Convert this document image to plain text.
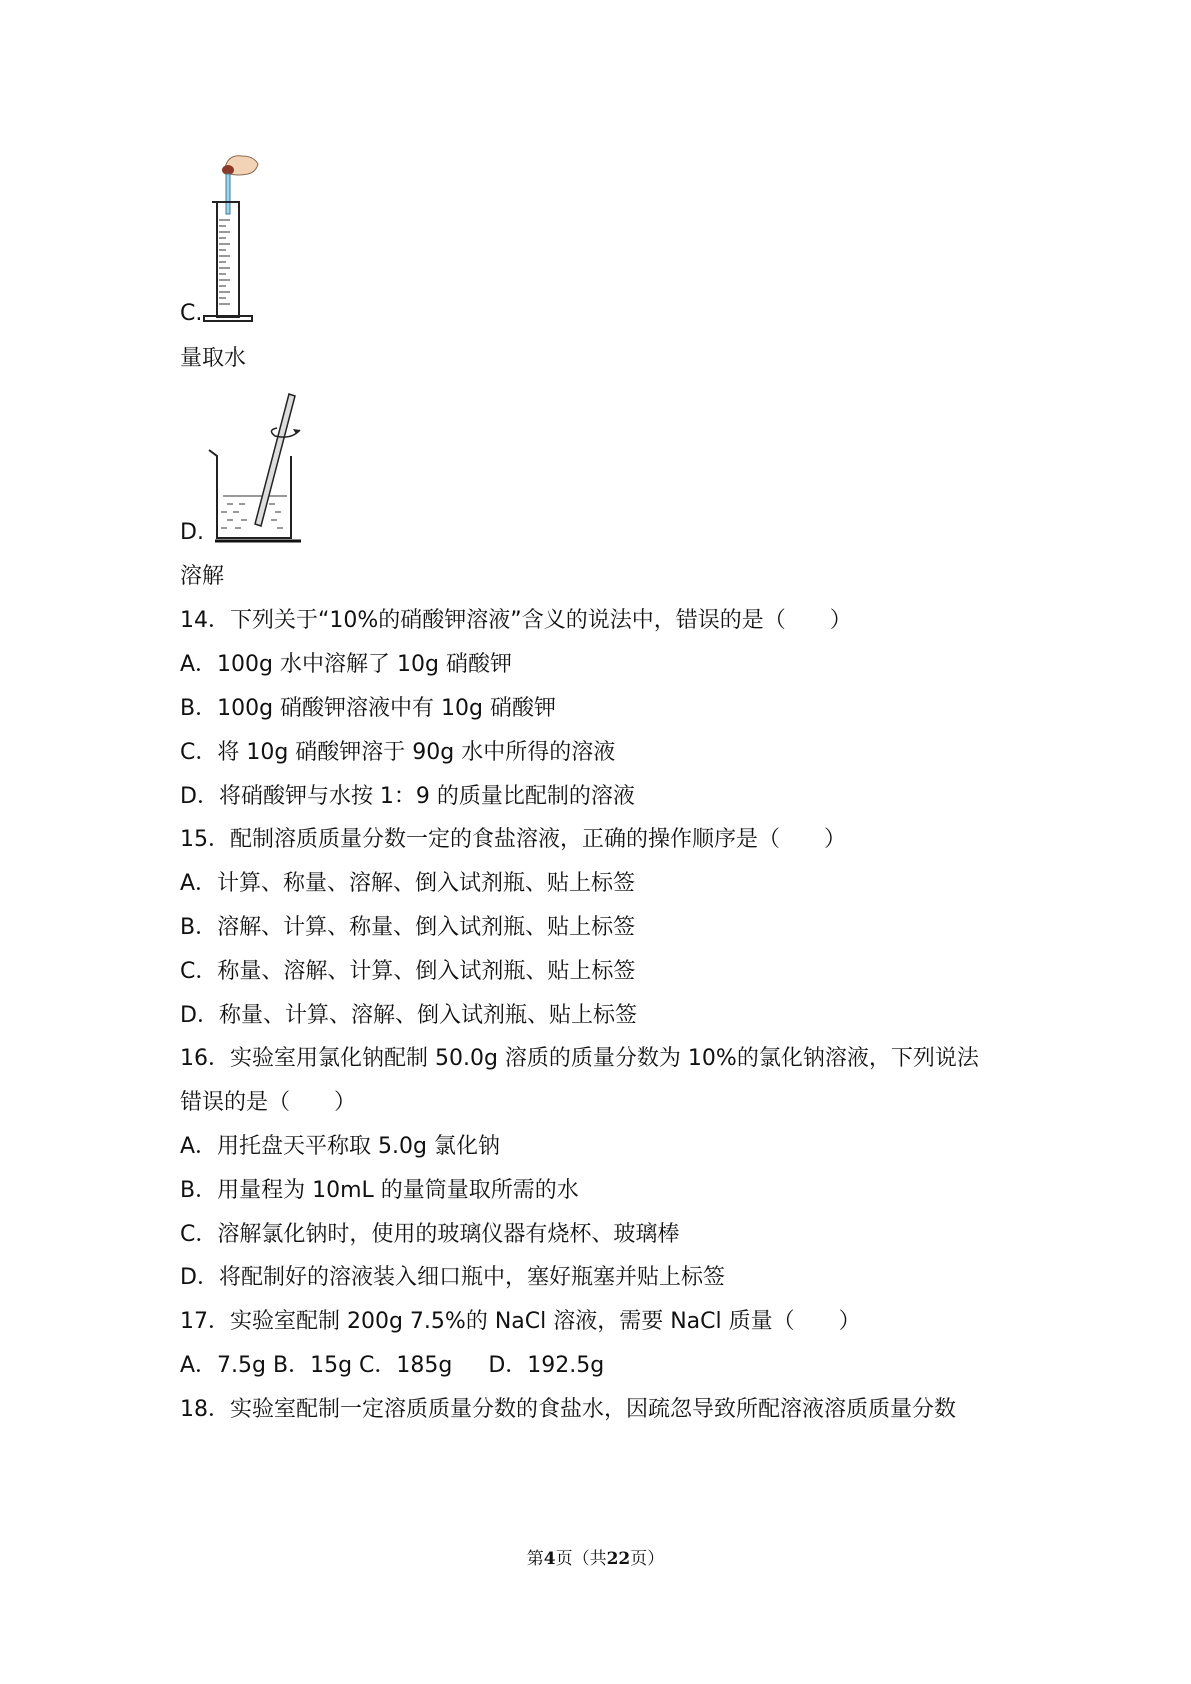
C.
量取水
D.
溶解
14．下列关于“10%的硝酸钾溶液”含义的说法中，错误的是（　　）
A．100g 水中溶解了 10g 硝酸钾
B．100g 硝酸钾溶液中有 10g 硝酸钾
C．将 10g 硝酸钾溶于 90g 水中所得的溶液
D．将硝酸钾与水按 1：9 的质量比配制的溶液
15．配制溶质质量分数一定的食盐溶液，正确的操作顺序是（　　）
A．计算、称量、溶解、倒入试剂瓶、贴上标签
B．溶解、计算、称量、倒入试剂瓶、贴上标签
C．称量、溶解、计算、倒入试剂瓶、贴上标签
D．称量、计算、溶解、倒入试剂瓶、贴上标签
16．实验室用氯化钠配制 50.0g 溶质的质量分数为 10%的氯化钠溶液，下列说法
错误的是（　　）
A．用托盘天平称取 5.0g 氯化钠
B．用量程为 10mL 的量筒量取所需的水
C．溶解氯化钠时，使用的玻璃仪器有烧杯、玻璃棒
D．将配制好的溶液装入细口瓶中，塞好瓶塞并贴上标签
17．实验室配制 200g 7.5%的 NaCl 溶液，需要 NaCl 质量（　　）
A．7.5g B．15g C．185g 　 D．192.5g
18．实验室配制一定溶质质量分数的食盐水，因疏忽导致所配溶液溶质质量分数
第4页（共22页）
